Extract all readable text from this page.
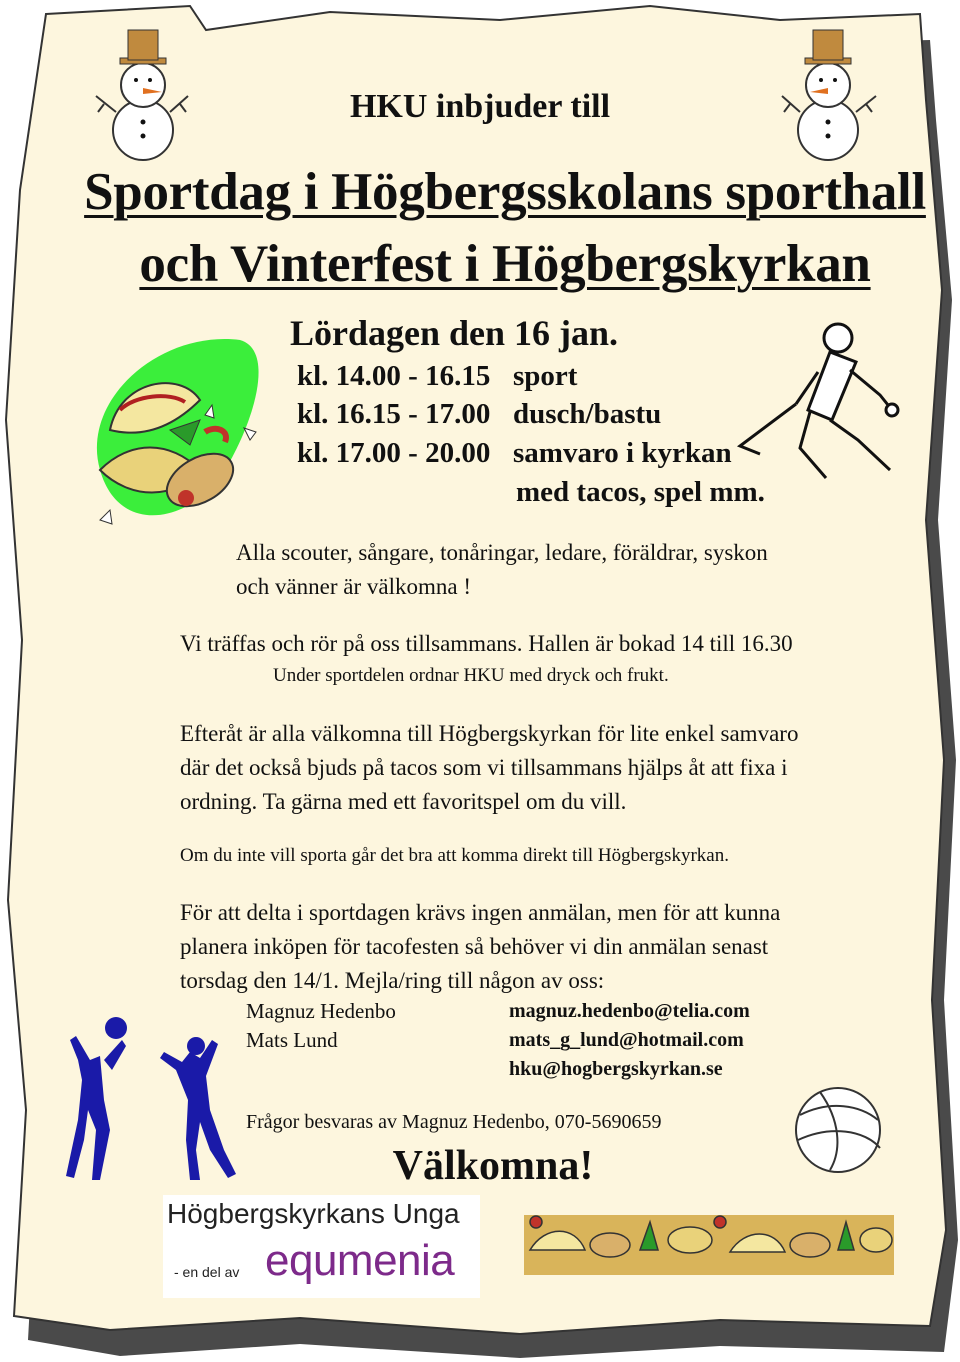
HKU inbjuder till
Sportdag i Högbergsskolans sporthall
och Vinterfest i Högbergskyrkan
Lördagen den 16 jan.
kl. 14.00 - 16.15 sport
kl. 16.15 - 17.00 dusch/bastu
kl. 17.00 - 20.00 samvaro i kyrkan
med tacos, spel mm.
Alla scouter, sångare, tonåringar, ledare, föräldrar, syskon
och vänner är välkomna !
Vi träffas och rör på oss tillsammans. Hallen är bokad 14 till 16.30
Under sportdelen ordnar HKU med dryck och frukt.
Efteråt är alla välkomna till Högbergskyrkan för lite enkel samvaro
där det också bjuds på tacos som vi tillsammans hjälps åt att fixa i
ordning. Ta gärna med ett favoritspel om du vill.
Om du inte vill sporta går det bra att komma direkt till Högbergskyrkan.
För att delta i sportdagen krävs ingen anmälan, men för att kunna
planera inköpen för tacofesten så behöver vi din anmälan senast
torsdag den 14/1. Mejla/ring till någon av oss:
Magnuz Hedenbo	magnuz.hedenbo@telia.com
Mats Lund	mats_g_lund@hotmail.com
hku@hogbergskyrkan.se
Frågor besvaras av Magnuz Hedenbo, 070-5690659
Välkomna!
Högbergskyrkans Unga
- en del av equmenia
